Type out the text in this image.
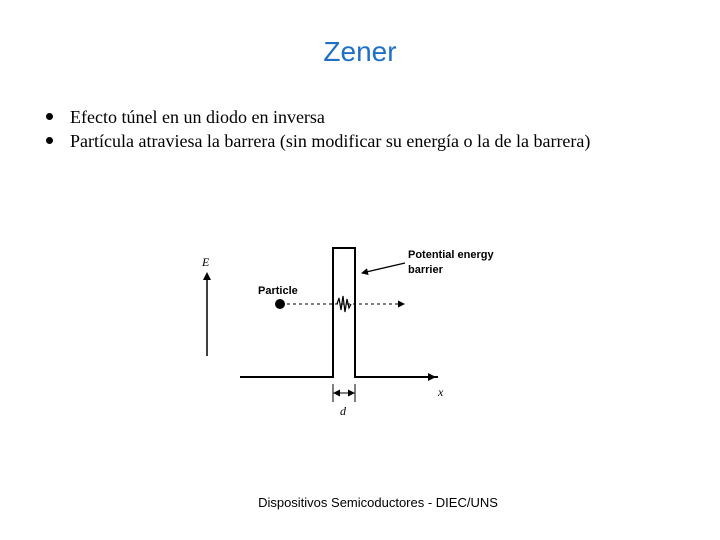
Zener
Efecto túnel en un diodo en inversa
Partícula atraviesa la barrera (sin modificar su energía o la de la barrera)
E
x
Particle
Potential energy
barrier
d
Dispositivos Semicoductores - DIEC/UNS
